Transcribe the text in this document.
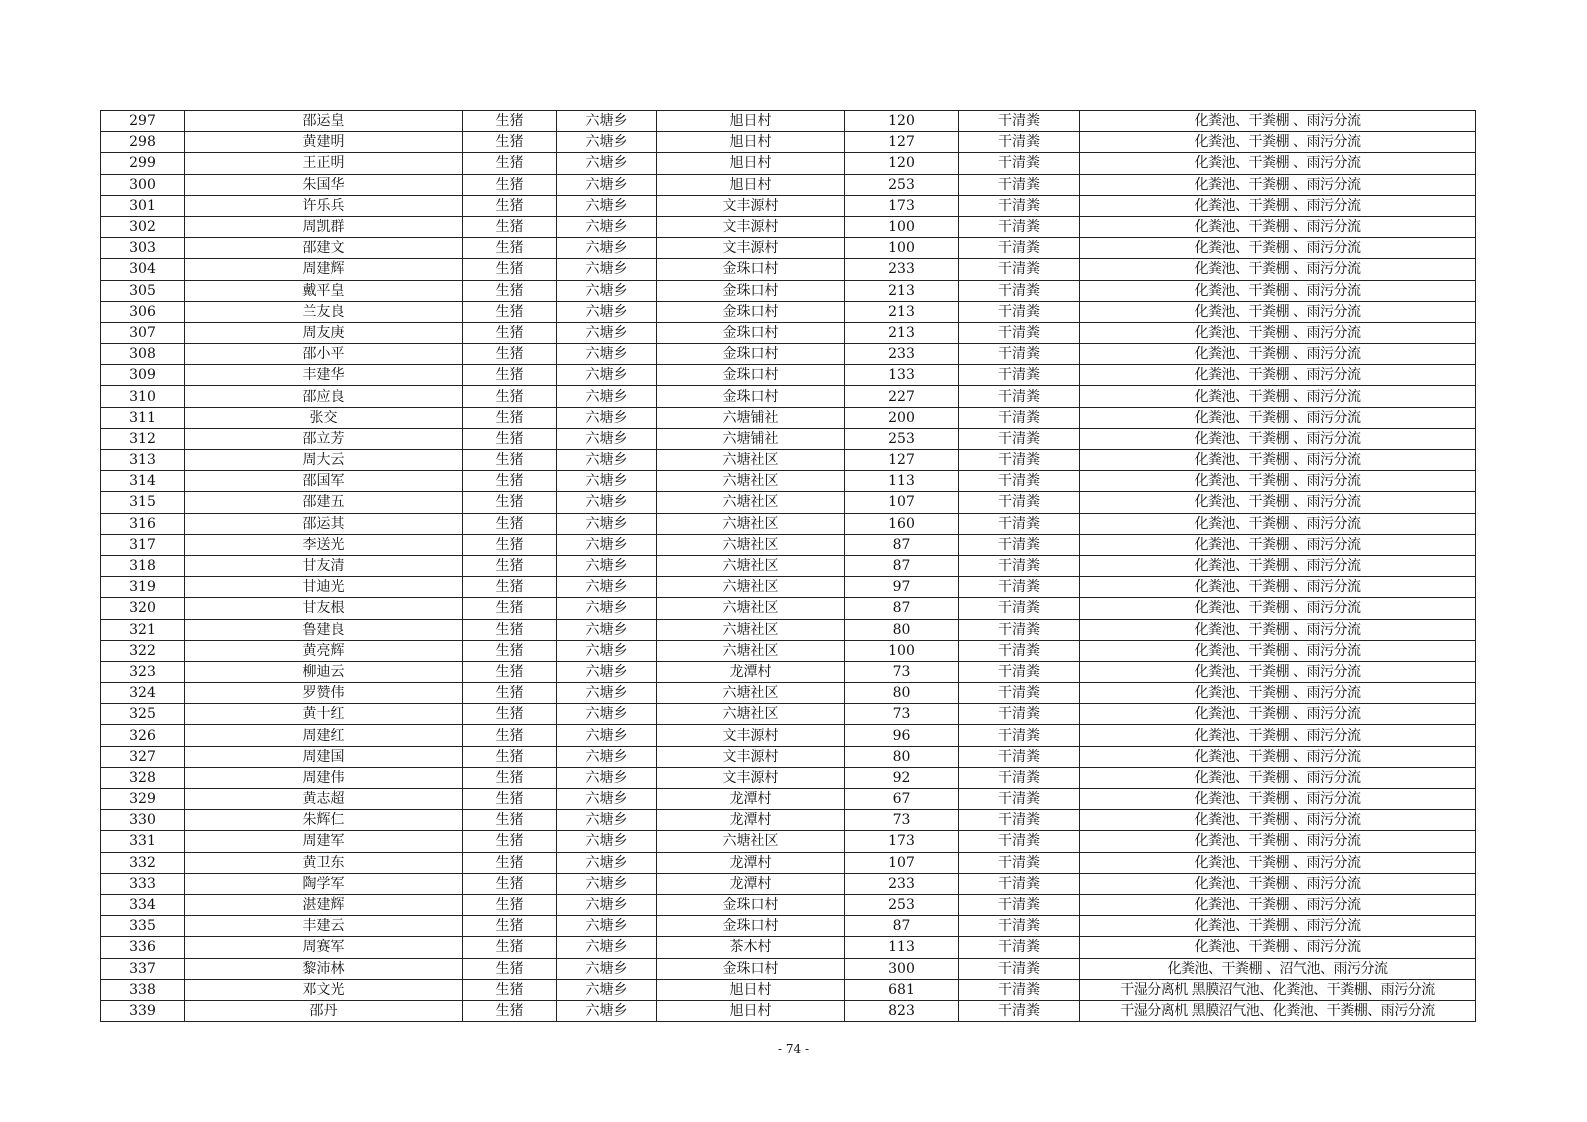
297	邵运皇	生猪	六塘乡	旭日村	120	干清粪	化粪池、干粪棚 、雨污分流
298	黄建明	生猪	六塘乡	旭日村	127	干清粪	化粪池、干粪棚 、雨污分流
299	王正明	生猪	六塘乡	旭日村	120	干清粪	化粪池、干粪棚 、雨污分流
300	朱国华	生猪	六塘乡	旭日村	253	干清粪	化粪池、干粪棚 、雨污分流
301	许乐兵	生猪	六塘乡	文丰源村	173	干清粪	化粪池、干粪棚 、雨污分流
302	周凯群	生猪	六塘乡	文丰源村	100	干清粪	化粪池、干粪棚 、雨污分流
303	邵建文	生猪	六塘乡	文丰源村	100	干清粪	化粪池、干粪棚 、雨污分流
304	周建辉	生猪	六塘乡	金珠口村	233	干清粪	化粪池、干粪棚 、雨污分流
305	戴平皇	生猪	六塘乡	金珠口村	213	干清粪	化粪池、干粪棚 、雨污分流
306	兰友良	生猪	六塘乡	金珠口村	213	干清粪	化粪池、干粪棚 、雨污分流
307	周友庚	生猪	六塘乡	金珠口村	213	干清粪	化粪池、干粪棚 、雨污分流
308	邵小平	生猪	六塘乡	金珠口村	233	干清粪	化粪池、干粪棚 、雨污分流
309	丰建华	生猪	六塘乡	金珠口村	133	干清粪	化粪池、干粪棚 、雨污分流
310	邵应良	生猪	六塘乡	金珠口村	227	干清粪	化粪池、干粪棚 、雨污分流
311	张交	生猪	六塘乡	六塘铺社	200	干清粪	化粪池、干粪棚 、雨污分流
312	邵立芳	生猪	六塘乡	六塘铺社	253	干清粪	化粪池、干粪棚 、雨污分流
313	周大云	生猪	六塘乡	六塘社区	127	干清粪	化粪池、干粪棚 、雨污分流
314	邵国军	生猪	六塘乡	六塘社区	113	干清粪	化粪池、干粪棚 、雨污分流
315	邵建五	生猪	六塘乡	六塘社区	107	干清粪	化粪池、干粪棚 、雨污分流
316	邵运其	生猪	六塘乡	六塘社区	160	干清粪	化粪池、干粪棚 、雨污分流
317	李送光	生猪	六塘乡	六塘社区	87	干清粪	化粪池、干粪棚 、雨污分流
318	甘友清	生猪	六塘乡	六塘社区	87	干清粪	化粪池、干粪棚 、雨污分流
319	甘迪光	生猪	六塘乡	六塘社区	97	干清粪	化粪池、干粪棚 、雨污分流
320	甘友根	生猪	六塘乡	六塘社区	87	干清粪	化粪池、干粪棚 、雨污分流
321	鲁建良	生猪	六塘乡	六塘社区	80	干清粪	化粪池、干粪棚 、雨污分流
322	黄亮辉	生猪	六塘乡	六塘社区	100	干清粪	化粪池、干粪棚 、雨污分流
323	柳迪云	生猪	六塘乡	龙潭村	73	干清粪	化粪池、干粪棚 、雨污分流
324	罗赞伟	生猪	六塘乡	六塘社区	80	干清粪	化粪池、干粪棚 、雨污分流
325	黄十红	生猪	六塘乡	六塘社区	73	干清粪	化粪池、干粪棚 、雨污分流
326	周建红	生猪	六塘乡	文丰源村	96	干清粪	化粪池、干粪棚 、雨污分流
327	周建国	生猪	六塘乡	文丰源村	80	干清粪	化粪池、干粪棚 、雨污分流
328	周建伟	生猪	六塘乡	文丰源村	92	干清粪	化粪池、干粪棚 、雨污分流
329	黄志超	生猪	六塘乡	龙潭村	67	干清粪	化粪池、干粪棚 、雨污分流
330	朱辉仁	生猪	六塘乡	龙潭村	73	干清粪	化粪池、干粪棚 、雨污分流
331	周建军	生猪	六塘乡	六塘社区	173	干清粪	化粪池、干粪棚 、雨污分流
332	黄卫东	生猪	六塘乡	龙潭村	107	干清粪	化粪池、干粪棚 、雨污分流
333	陶学军	生猪	六塘乡	龙潭村	233	干清粪	化粪池、干粪棚 、雨污分流
334	湛建辉	生猪	六塘乡	金珠口村	253	干清粪	化粪池、干粪棚 、雨污分流
335	丰建云	生猪	六塘乡	金珠口村	87	干清粪	化粪池、干粪棚 、雨污分流
336	周赛军	生猪	六塘乡	茶木村	113	干清粪	化粪池、干粪棚 、雨污分流
337	黎沛林	生猪	六塘乡	金珠口村	300	干清粪	化粪池、干粪棚 、沼气池、雨污分流
338	邓文光	生猪	六塘乡	旭日村	681	干清粪	干湿分离机 黑膜沼气池、化粪池、干粪棚、雨污分流
339	邵丹	生猪	六塘乡	旭日村	823	干清粪	干湿分离机 黑膜沼气池、化粪池、干粪棚、雨污分流
- 74 -
